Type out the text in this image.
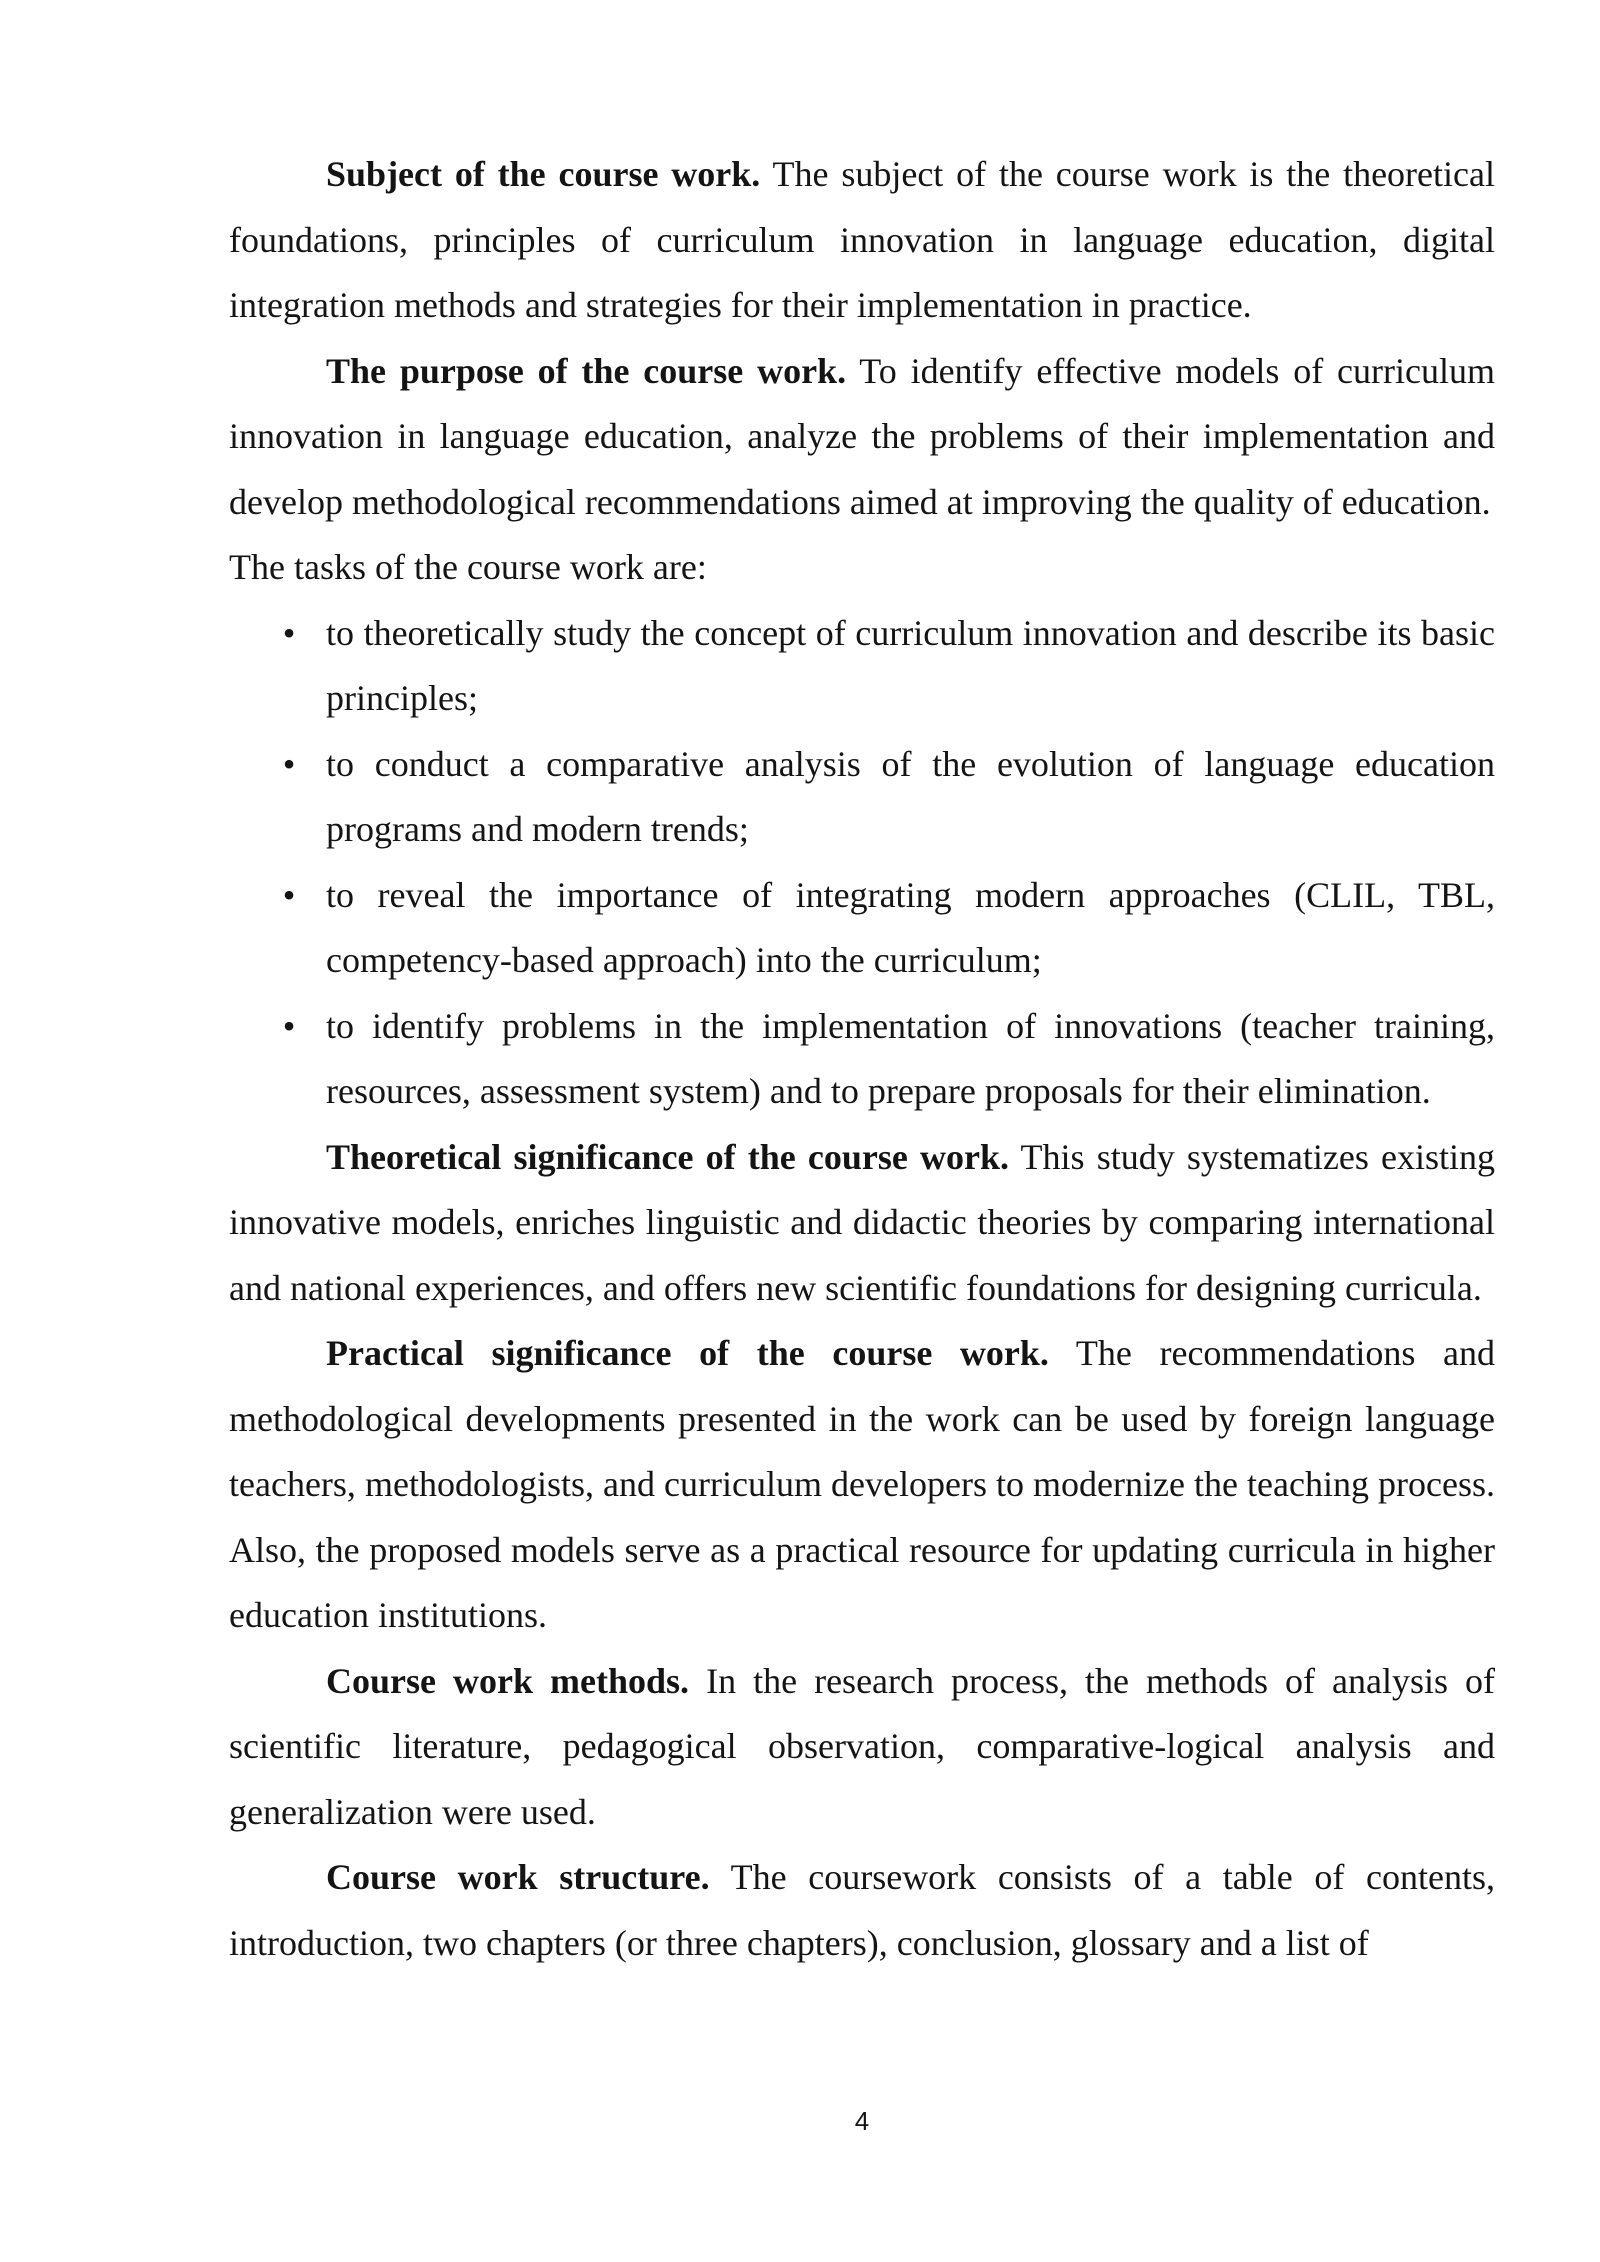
Subject of the course work. The subject of the course work is the theoretical foundations, principles of curriculum innovation in language education, digital integration methods and strategies for their implementation in practice.

The purpose of the course work. To identify effective models of curriculum innovation in language education, analyze the problems of their implementation and develop methodological recommendations aimed at improving the quality of education.

The tasks of the course work are:

• to theoretically study the concept of curriculum innovation and describe its basic principles;
• to conduct a comparative analysis of the evolution of language education programs and modern trends;
• to reveal the importance of integrating modern approaches (CLIL, TBL, competency-based approach) into the curriculum;
• to identify problems in the implementation of innovations (teacher training, resources, assessment system) and to prepare proposals for their elimination.

Theoretical significance of the course work. This study systematizes existing innovative models, enriches linguistic and didactic theories by comparing international and national experiences, and offers new scientific foundations for designing curricula.

Practical significance of the course work. The recommendations and methodological developments presented in the work can be used by foreign language teachers, methodologists, and curriculum developers to modernize the teaching process. Also, the proposed models serve as a practical resource for updating curricula in higher education institutions.

Course work methods. In the research process, the methods of analysis of scientific literature, pedagogical observation, comparative-logical analysis and generalization were used.

Course work structure. The coursework consists of a table of contents, introduction, two chapters (or three chapters), conclusion, glossary and a list of

4
